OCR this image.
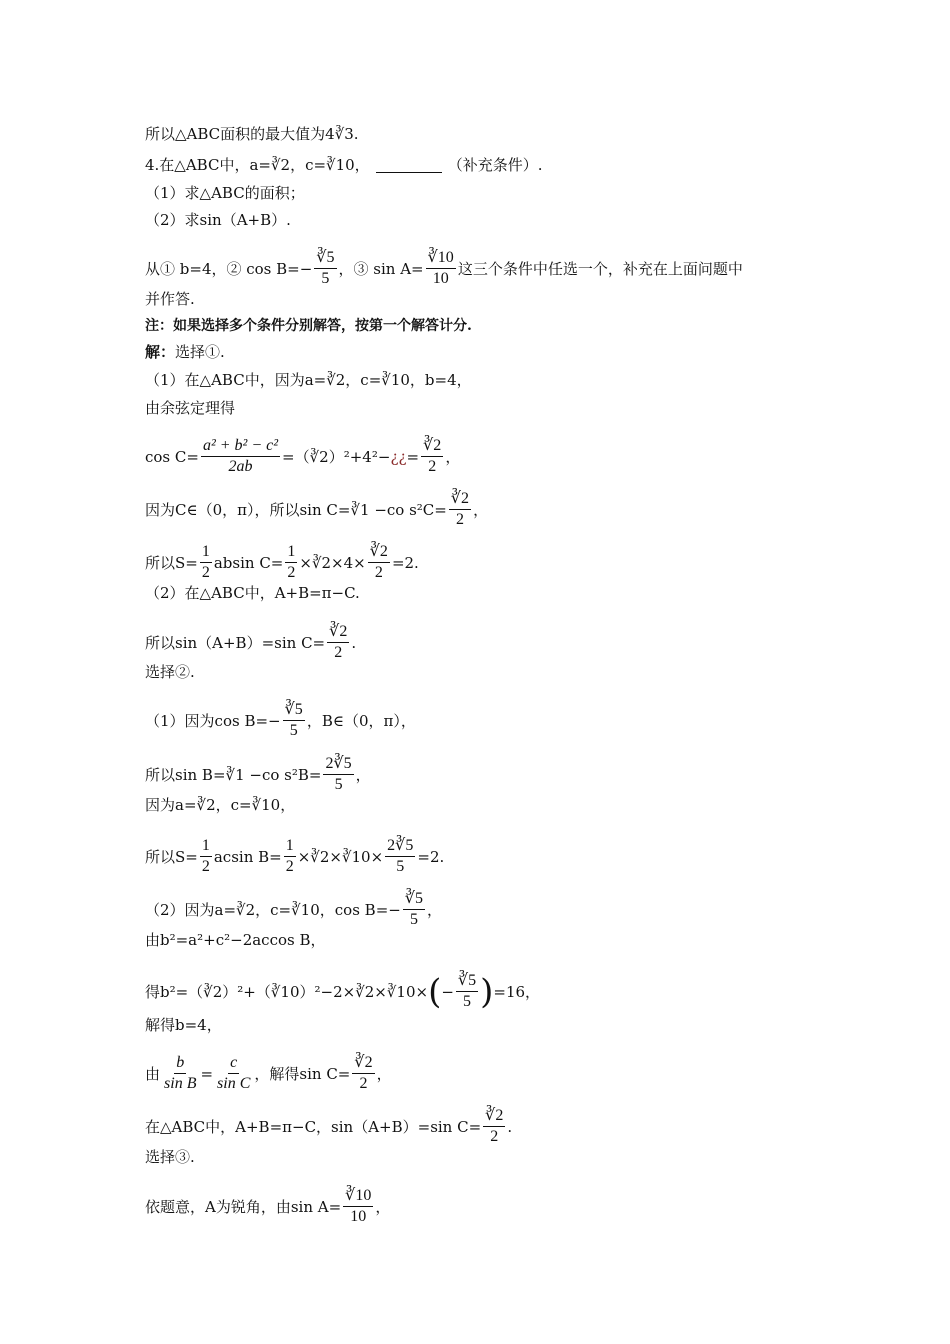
所以△ABC面积的最大值为4∛3.
4.在△ABC中，a=∛2，c=∛10，	（补充条件）.
（1）求△ABC的面积；
（2）求sin（A+B）.
从① b=4，② $\cos B=- \frac{∛5}{5}$ ，③ $\sin A= \frac{∛10}{10}$ 这三个条件中任选一个，补充在上面问题中
并作答.
注：如果选择多个条件分别解答，按第一个解答计分.
解： 选择①.
（1）在△ABC中，因为a=∛2，c=∛10，b=4，
由余弦定理得
$\cos C= \frac{\text{a² + b² − c²}}{2ab}$ =（∛2）²+4²− ¿¿ = $\frac{∛2}{2}$ ，
因为C∈（0，π），所以sin C=∛1 −co $s^2C= \frac{∛2}{2}$ ，
所以$S= \frac{1}{2}$ absin $C= \frac{1}{2}$ ×∛2×4× $\frac{∛2}{2} =2$.
（2）在△ABC中，A+B=π−C.
所以sin（A+B）=sin $C= \frac{∛2}{2}$ .
选择②.
（1）因为$\cos B=- \frac{∛5}{5}$ ，B∈（0，π），
所以sin B=∛1 −co $s^2B= \frac{2∛5}{5}$ ，
因为a=∛2，c=∛10，
所以$S= \frac{1}{2}$ acsin $B= \frac{1}{2}$ ×∛2×∛10× $\frac{2∛5}{5} =2$.
（2）因为a=∛2，c=∛10，$\cos B=- \frac{∛5}{5}$ ，
由b²=a²+c²−2accos B，
得b²=（∛2）²+（∛10）²−2×∛2×∛10× ( − $\frac{∛5}{5}$ ) =16，
解得b=4，
由 $\frac{b}{\text{sin B}} = \frac{c}{\text{sin C}}$ ，解得$\sin C= \frac{∛2}{2}$ ，
在△ABC中，A+B=π−C，sin（A+B）=sin $C= \frac{∛2}{2}$ .
选择③.
依题意，A为锐角，由$\sin A= \frac{∛10}{10}$ ，
